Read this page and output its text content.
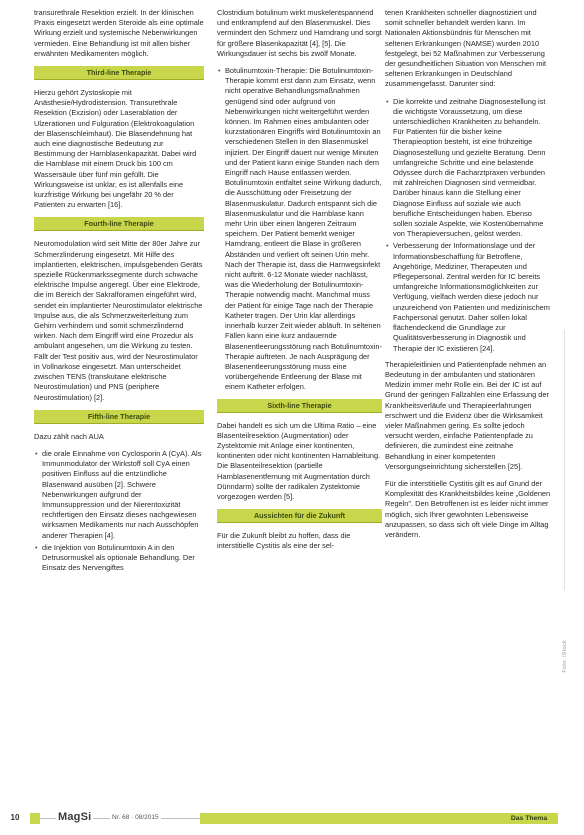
transurethrale Resektion erzielt. In der klinischen Praxis eingesetzt werden Steroide als eine optimale Wirkung erzielt und systemische Nebenwirkungen vermieden. Eine Behandlung ist mit allen bisher erwähnten Medikamenten möglich.

Third-line Therapie

Hierzu gehört Zystoskopie mit Anästhesie/Hydrodistension. Transurethrale Resektion (Exzision) oder Laserablation der Ulzerationen und Fulguration (Elektrokoagulation der Blasenschleimhaut). Die Blasendehnung hat auch eine diagnostische Bedeutung zur Bestimmung der Harnblasenkapazität. Dabei wird die Harnblase mit einem Druck bis 100 cm Wassersäule über fünf min gefüllt. Die Wirkungsweise ist unklar, es ist allenfalls eine kurzfristige Wirkung bei ungefähr 20 % der Patienten zu erwarten [16].

Fourth-line Therapie

Neuromodulation wird seit Mitte der 80er Jahre zur Schmerzlinderung eingesetzt. Mit Hilfe des implantierten, elektrischen, impulsgebenden Geräts spezielle Rückenmarkssegmente durch schwache elektrische Impulse angeregt. Über eine Elektrode, die im Bereich der Sakralforamen eingeführt wird, sendet ein implantierter Neurostimulator elektrische Impulse aus, die als Schmerzweiterleitung zum Gehirn verhindern und somit schmerzlindernd wirken. Nach dem Eingriff wird eine Prozedur als ambulant angesehen, um die Wirkung zu testen. Fällt der Test positiv aus, wird der Neurostimulator in Vollnarkose eingesetzt. Man unterscheidet zwischen TENS (transkutane elektrische Neurostimulation) und PNS (periphere Neurostimulation) [2].

Fifth-line Therapie

Dazu zählt nach AUA

• die orale Einnahme von Cyclosporin A (CyA). Als Immunmodulator der Wirkstoff soll CyA einen positiven Einfluss auf die entzündliche Blasenwand ausüben [2]. Schwere Nebenwirkungen aufgrund der Immunsuppression und der Nierentoxizität rechtfertigen den Einsatz dieses nachgewiesen wirksamen Medikaments nur nach Ausschöpfen anderer Therapien [4].
• die Injektion von Botulinumtoxin A in den Detrusormuskel als optionale Behandlung. Der Einsatz des Nervengiftes

Clostridium botulinum wirkt muskelentspannend und entkrampfend auf den Blasenmuskel. Dies vermindert den Schmerz und Harndrang und sorgt für größere Blasenkapazität [4], [5]. Die Wirkungsdauer ist sechs bis zwölf Monate.

• Botulinumtoxin-Therapie: Die Botulinumtoxin-Therapie kommt erst dann zum Einsatz, wenn nicht operative Behandlungsmaßnahmen genügend sind oder aufgrund von Nebenwirkungen nicht weitergeführt werden können. Im Rahmen eines ambulanten oder kurzstationären Eingriffs wird Botulinumtoxin an verschiedenen Stellen in den Blasenmuskel injiziert. Der Eingriff dauert nur wenige Minuten und der Patient kann einige Stunden nach dem Eingriff nach Hause entlassen werden. Botulinumtoxin entfaltet seine Wirkung dadurch, die Ausschüttung oder Freisetzung der Blasenmuskulatur. Dadurch entspannt sich die Blasenmuskulatur und die Harnblase kann mehr Urin über einen längeren Zeitraum speichern. Der Patient bemerkt weniger Harndrang, entleert die Blase in größeren Abständen und verliert oft seinen Urin mehr. Nach der Therapie ist, dass die Harnwegsinfekt nicht auftritt. 6-12 Monate wieder nachlässt, was die Wiederholung der Botulinumtoxin-Therapie notwendig macht. Manchmal muss der Patient für einige Tage nach der Therapie Katheter tragen. Der Urin klar allerdings innerhalb kurzer Zeit wieder abläuft. In seltenen Fällen kann eine kurz andauernde Blasenentleerungsstörung nach Botulinumtoxin-Therapie auftreten. Je nach Ausprägung der Blasenentleerungsstörung muss eine vorübergehende Entleerung der Blase mit einem Katheter erfolgen.
Sixth-line Therapie

Dabei handelt es sich um die Ultima Ratio – eine Blasenteilresektion (Augmentation) oder Zystektomie mit Anlage einer kontinenten, kontinenten oder nicht kontinenten Harnableitung. Die Blasenteilresektion (partielle Harnblasenentfernung mit Augmentation durch Dünndarm) sollte der radikalen Zystektomie vorgezogen werden [5].

Aussichten für die Zukunft

Für die Zukunft bleibt zu hoffen, dass die interstitielle Cystitis als eine der sel-

tenen Krankheiten schneller diagnostiziert und somit schneller behandelt werden kann. Im Nationalen Aktionsbündnis für Menschen mit seltenen Erkrankungen (NAMSE) wurden 2010 festgelegt, bei 52 Maßnahmen zur Verbesserung der gesundheitlichen Situation von Menschen mit seltenen Erkrankungen in Deutschland zusammengefasst. Darunter sind:

• Die korrekte und zeitnahe Diagnosestellung ist die wichtigste Voraussetzung, um diese unterschiedlichen Krankheiten zu behandeln. Für Patienten für die bisher keine Therapieoption besteht, ist eine frühzeitige Diagnosestellung und gezielte Beratung. Denn umfangreiche Schritte und eine belastende Odyssee durch die Facharztpraxen verbunden mit zahlreichen Diagnosen sind vermeidbar. Darüber hinaus kann die Stellung einer Diagnose Einfluss auf soziale wie auch berufliche Entscheidungen haben. Ebenso sollen soziale Aspekte, wie Kostenübernahme von Therapieversuchen, gelöst werden.
• Verbesserung der Informationslage und der Informationsbeschaffung für Betroffene, Angehörige, Mediziner, Therapeuten und Pflegepersonal. Zentral werden für IC bereits umfangreiche Informationsmöglichkeiten zur Verfügung, vielfach werden diese jedoch nur unzureichend von Patienten und medizinischem Fachpersonal genutzt. Daher sollen lokal flächendeckend die Grundlage zur Qualitätsverbesserung in Diagnostik und Therapie der IC existieren [24].

Therapieleitlinien und Patientenpfade nehmen an Bedeutung in der ambulanten und stationären Medizin immer mehr Rolle ein. Bei der IC ist auf Grund der geringen Fallzahlen eine Erfassung der Krankheitsverläufe und Therapieerfahrungen erschwert und die Evidenz über die Wirksamkeit vieler Maßnahmen gering. Es sollte jedoch versucht werden, einfache Patientenpfade zu definieren, die zumindest eine zeitnahe Behandlung in einer kompetenten Versorgungseinrichtung sicherstellen [25].

Für die interstitielle Cystitis gilt es auf Grund der Komplexität des Krankheitsbildes keine „Goldenen Regeln". Den Betroffenen ist es leider nicht immer möglich, sich Ihrer gewohnten Lebensweise anzupassen, so dass sich oft viele Dinge im Alltag verändern.

Foto: iStock
10	MagSi	Nr. 68 · 08/2015	Das Thema
